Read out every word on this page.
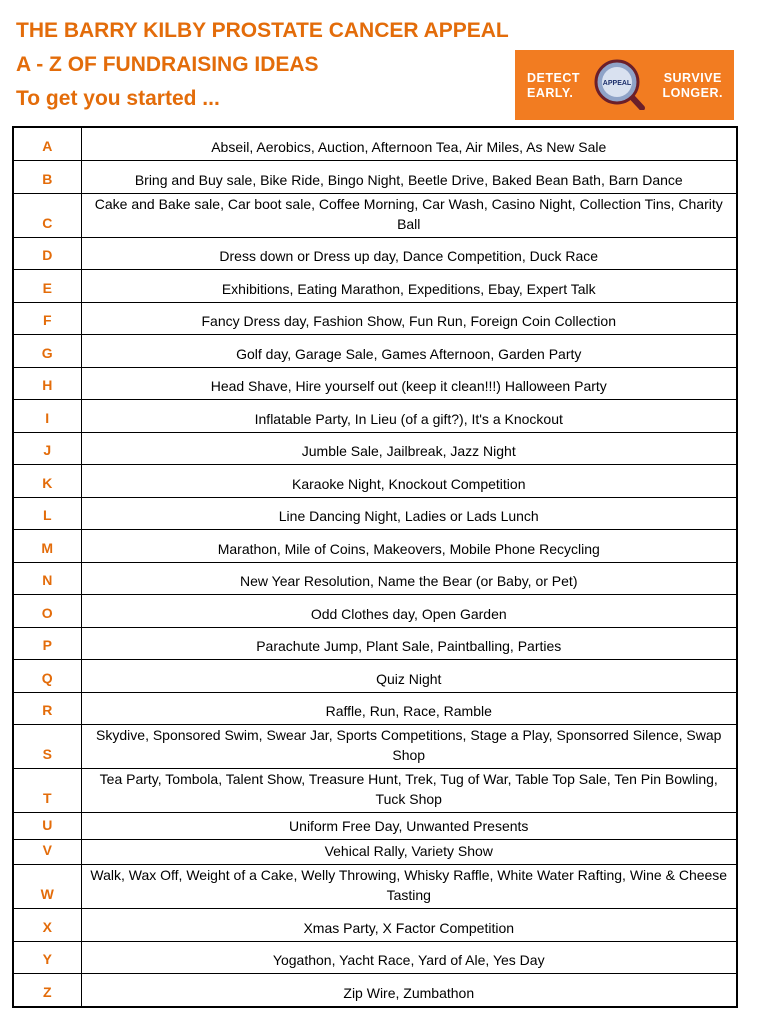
THE BARRY KILBY PROSTATE CANCER APPEAL
A - Z OF FUNDRAISING IDEAS
To get you started ...
DETECT
EARLY.
APPEAL	SURVIVE
LONGER.
A	Abseil, Aerobics, Auction, Afternoon Tea, Air Miles, As New Sale
B	Bring and Buy sale, Bike Ride, Bingo Night, Beetle Drive, Baked Bean Bath, Barn Dance
C	Cake and Bake sale, Car boot sale, Coffee Morning, Car Wash, Casino Night, Collection Tins, Charity Ball
D	Dress down or Dress up day, Dance Competition, Duck Race
E	Exhibitions, Eating Marathon, Expeditions, Ebay, Expert Talk
F	Fancy Dress day, Fashion Show, Fun Run, Foreign Coin Collection
G	Golf day, Garage Sale, Games Afternoon, Garden Party
H	Head Shave, Hire yourself out (keep it clean!!!) Halloween Party
I	Inflatable Party, In Lieu (of a gift?), It's a Knockout
J	Jumble Sale, Jailbreak, Jazz Night
K	Karaoke Night, Knockout Competition
L	Line Dancing Night, Ladies or Lads Lunch
M	Marathon, Mile of Coins, Makeovers, Mobile Phone Recycling
N	New Year Resolution, Name the Bear (or Baby, or Pet)
O	Odd Clothes day, Open Garden
P	Parachute Jump, Plant Sale, Paintballing, Parties
Q	Quiz Night
R	Raffle, Run, Race, Ramble
S	Skydive, Sponsored Swim, Swear Jar, Sports Competitions, Stage a Play, Sponsorred Silence, Swap Shop
T	Tea Party, Tombola, Talent Show, Treasure Hunt, Trek, Tug of War, Table Top Sale, Ten Pin Bowling, Tuck Shop
U	Uniform Free Day, Unwanted Presents
V	Vehical Rally, Variety Show
W	Walk, Wax Off, Weight of a Cake, Welly Throwing, Whisky Raffle, White Water Rafting, Wine & Cheese Tasting
X	Xmas Party, X Factor Competition
Y	Yogathon, Yacht Race, Yard of Ale, Yes Day
Z	Zip Wire, Zumbathon
